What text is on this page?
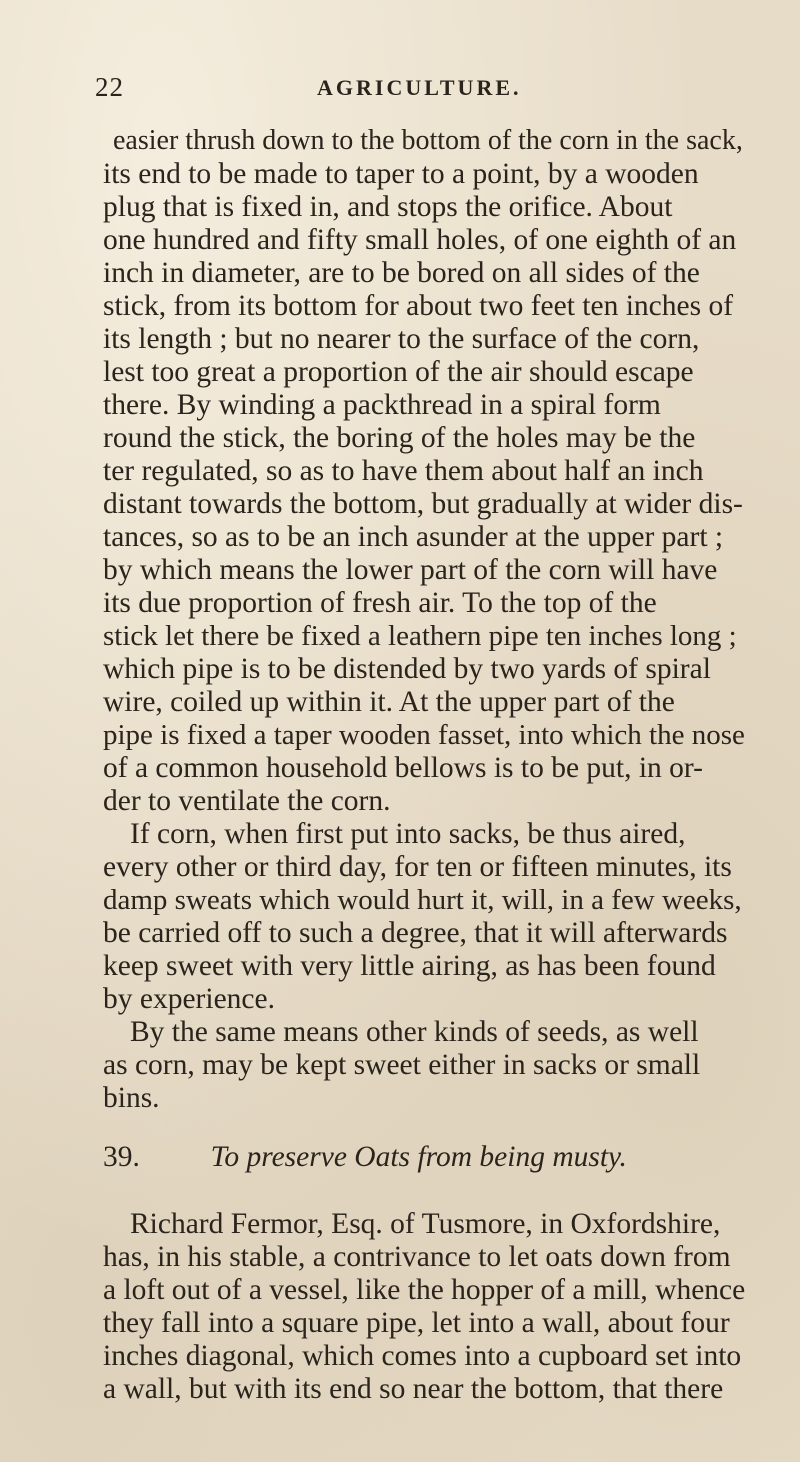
22	AGRICULTURE.
easier thrush down to the bottom of the corn in the sack,
its end to be made to taper to a point, by a wooden
plug that is fixed in, and stops the orifice. About
one hundred and fifty small holes, of one eighth of an
inch in diameter, are to be bored on all sides of the
stick, from its bottom for about two feet ten inches of
its length ; but no nearer to the surface of the corn,
lest too great a proportion of the air should escape
there. By winding a packthread in a spiral form
round the stick, the boring of the holes may be the
ter regulated, so as to have them about half an inch
distant towards the bottom, but gradually at wider dis-
tances, so as to be an inch asunder at the upper part ;
by which means the lower part of the corn will have
its due proportion of fresh air. To the top of the
stick let there be fixed a leathern pipe ten inches long ;
which pipe is to be distended by two yards of spiral
wire, coiled up within it. At the upper part of the
pipe is fixed a taper wooden fasset, into which the nose
of a common household bellows is to be put, in or-
der to ventilate the corn.
If corn, when first put into sacks, be thus aired,
every other or third day, for ten or fifteen minutes, its
damp sweats which would hurt it, will, in a few weeks,
be carried off to such a degree, that it will afterwards
keep sweet with very little airing, as has been found
by experience.
By the same means other kinds of seeds, as well
as corn, may be kept sweet either in sacks or small
bins.
39. To preserve Oats from being musty.
Richard Fermor, Esq. of Tusmore, in Oxfordshire,
has, in his stable, a contrivance to let oats down from
a loft out of a vessel, like the hopper of a mill, whence
they fall into a square pipe, let into a wall, about four
inches diagonal, which comes into a cupboard set into
a wall, but with its end so near the bottom, that there
